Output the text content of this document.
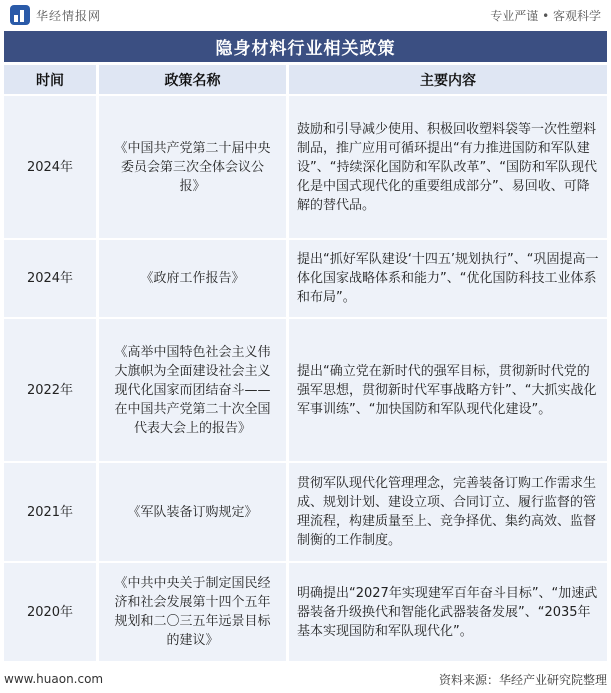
华经情报网	专业严谨 • 客观科学
隐身材料行业相关政策
时间	政策名称	主要内容
2024年	《中国共产党第二十届中央委员会第三次全体会议公报》	鼓励和引导减少使用、积极回收塑料袋等一次性塑料制品，推广应用可循环提出“有力推进国防和军队建设”、“持续深化国防和军队改革”、“国防和军队现代化是中国式现代化的重要组成部分”、易回收、可降解的替代品。
2024年	《政府工作报告》	提出“抓好军队建设‘十四五’规划执行”、“巩固提高一体化国家战略体系和能力”、“优化国防科技工业体系和布局”。
2022年	《高举中国特色社会主义伟大旗帜为全面建设社会主义现代化国家而团结奋斗——在中国共产党第二十次全国代表大会上的报告》	提出“确立党在新时代的强军目标，贯彻新时代党的强军思想，贯彻新时代军事战略方针”、“大抓实战化军事训练”、“加快国防和军队现代化建设”。
2021年	《军队装备订购规定》	贯彻军队现代化管理理念，完善装备订购工作需求生成、规划计划、建设立项、合同订立、履行监督的管理流程，构建质量至上、竞争择优、集约高效、监督制衡的工作制度。
2020年	《中共中央关于制定国民经济和社会发展第十四个五年规划和二〇三五年远景目标的建议》	明确提出“2027年实现建军百年奋斗目标”、“加速武器装备升级换代和智能化武器装备发展”、“2035年基本实现国防和军队现代化”。
www.huaon.com	资料来源：华经产业研究院整理
